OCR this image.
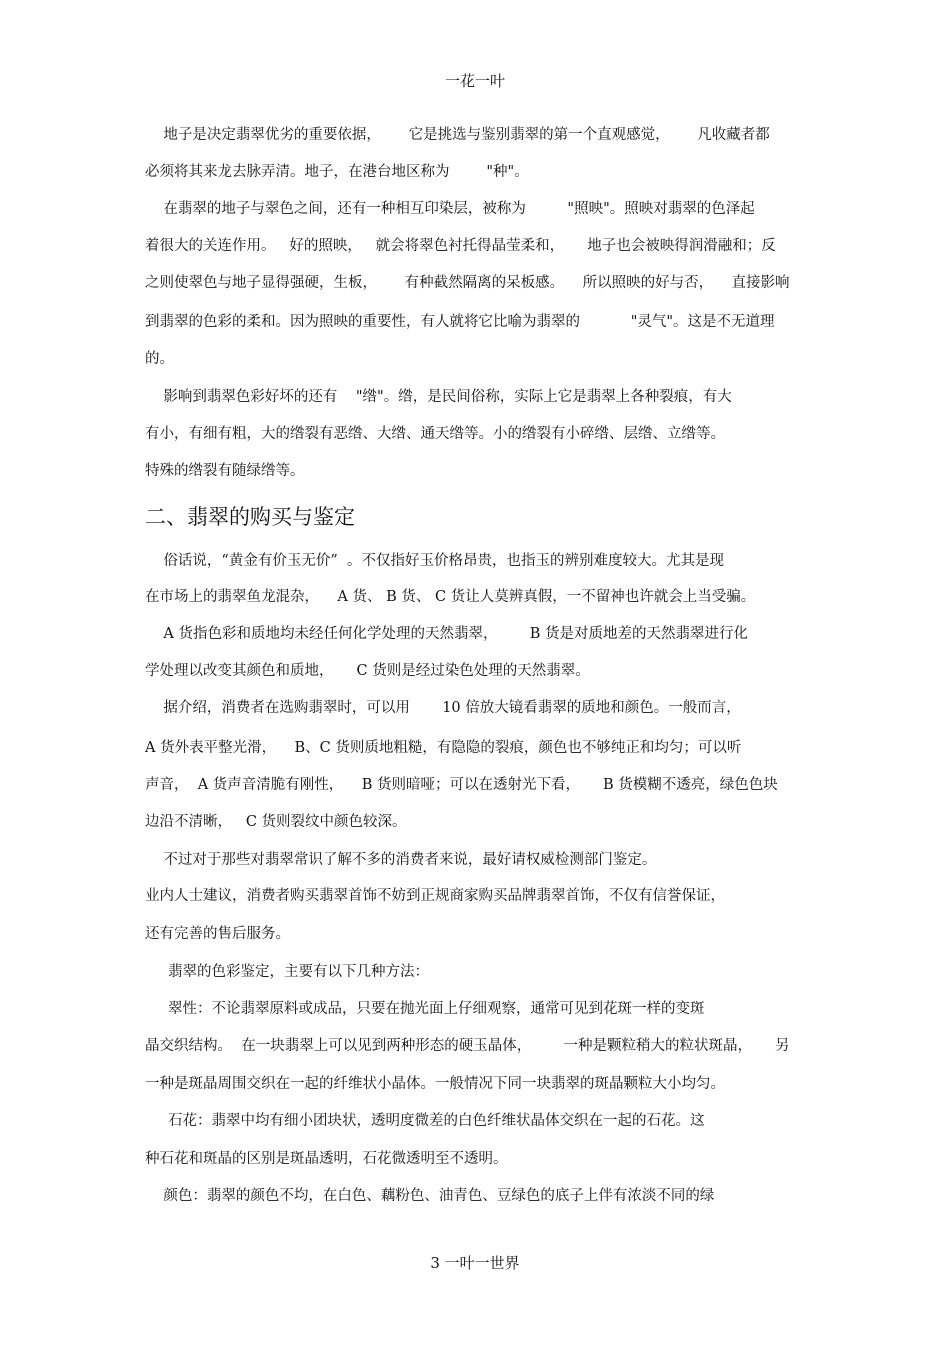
一花一叶
地子是决定翡翠优劣的重要依据，      它是挑选与鉴别翡翠的第一个直观感觉，      凡收藏者都
必须将其来龙去脉弄清。地子，在港台地区称为        "种"。
在翡翠的地子与翠色之间，还有一种相互印染层，被称为         "照映"。照映对翡翠的色泽起
着很大的关连作用。   好的照映，   就会将翠色衬托得晶莹柔和，     地子也会被映得润滑融和；反
之则使翠色与地子显得强硬，生板，      有种截然隔离的呆板感。    所以照映的好与否，    直接影响
到翡翠的色彩的柔和。因为照映的重要性，有人就将它比喻为翡翠的           "灵气"。这是不无道理
的。
影响到翡翠色彩好坏的还有    "绺"。绺，是民间俗称，实际上它是翡翠上各种裂痕，有大
有小，有细有粗，大的绺裂有恶绺、大绺、通天绺等。小的绺裂有小碎绺、层绺、立绺等。
特殊的绺裂有随绿绺等。
二、翡翠的购买与鉴定
俗话说，“黄金有价玉无价”  。不仅指好玉价格昂贵，也指玉的辨别难度较大。尤其是现
在市场上的翡翠鱼龙混杂，    A 货、 B 货、 C 货让人莫辨真假，一不留神也许就会上当受骗。
A 货指色彩和质地均未经任何化学处理的天然翡翠，       B 货是对质地差的天然翡翠进行化
学处理以改变其颜色和质地，     C 货则是经过染色处理的天然翡翠。
据介绍，消费者在选购翡翠时，可以用       10 倍放大镜看翡翠的质地和颜色。一般而言，
A 货外表平整光滑，    B、C 货则质地粗糙，有隐隐的裂痕，颜色也不够纯正和均匀；可以听
声音，  A 货声音清脆有刚性，    B 货则暗哑；可以在透射光下看，     B 货模糊不透亮，绿色色块
边沿不清晰，   C 货则裂纹中颜色较深。
不过对于那些对翡翠常识了解不多的消费者来说，最好请权威检测部门鉴定。
业内人士建议，消费者购买翡翠首饰不妨到正规商家购买品牌翡翠首饰，不仅有信誉保证，
还有完善的售后服务。
翡翠的色彩鉴定，主要有以下几种方法：
翠性：不论翡翠原料或成品，只要在抛光面上仔细观察，通常可见到花斑一样的变斑
晶交织结构。  在一块翡翠上可以见到两种形态的硬玉晶体，       一种是颗粒稍大的粒状斑晶，     另
一种是斑晶周围交织在一起的纤维状小晶体。一般情况下同一块翡翠的斑晶颗粒大小均匀。
石花：翡翠中均有细小团块状，透明度微差的白色纤维状晶体交织在一起的石花。这
种石花和斑晶的区别是斑晶透明，石花微透明至不透明。
颜色：翡翠的颜色不均，在白色、藕粉色、油青色、豆绿色的底子上伴有浓淡不同的绿
3 一叶一世界
